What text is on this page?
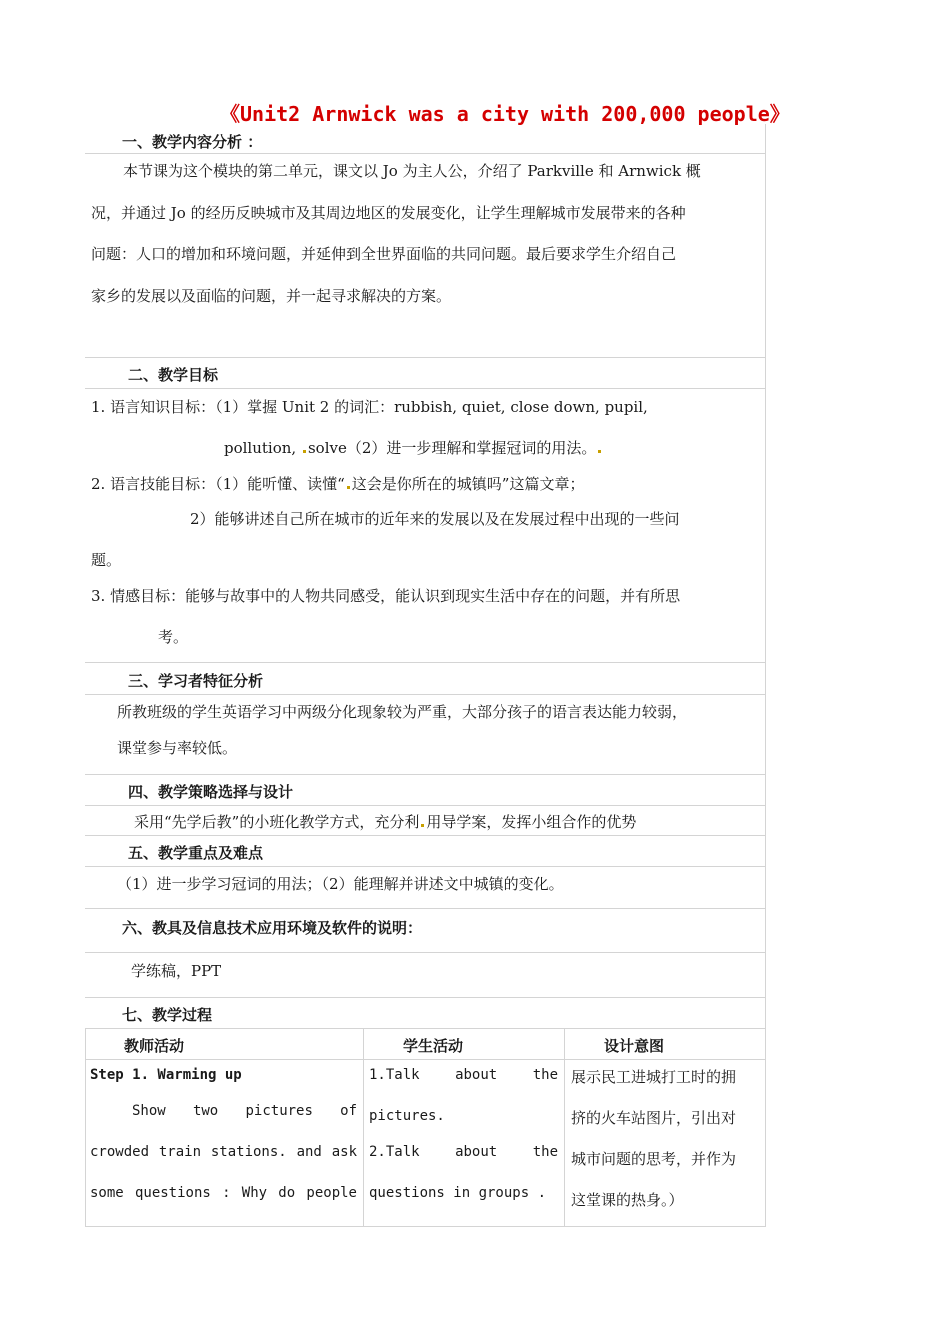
《Unit2 Arnwick was a city with 200,000 people》
一、教学内容分析 ：
本节课为这个模块的第二单元，课文以 Jo 为主人公，介绍了 Parkville 和 Arnwick 概
况，并通过 Jo 的经历反映城市及其周边地区的发展变化，让学生理解城市发展带来的各种
问题：人口的增加和环境问题，并延伸到全世界面临的共同问题。最后要求学生介绍自己
家乡的发展以及面临的问题，并一起寻求解决的方案。
二、教学目标
1. 语言知识目标：（1）掌握 Unit 2 的词汇：rubbish, quiet, close down, pupil,
pollution, solve（2）进一步理解和掌握冠词的用法。
2. 语言技能目标：（1）能听懂、读懂“ 这会是你所在的城镇吗”这篇文章；
2）能够讲述自己所在城市的近年来的发展以及在发展过程中出现的一些问
题。
3. 情感目标：能够与故事中的人物共同感受，能认识到现实生活中存在的问题，并有所思
考。
三、学习者特征分析
所教班级的学生英语学习中两级分化现象较为严重，大部分孩子的语言表达能力较弱，
课堂参与率较低。
四、教学策略选择与设计
采用“先学后教”的小班化教学方式，充分利 用导学案，发挥小组合作的优势
五、教学重点及难点
（1）进一步学习冠词的用法；（2）能理解并讲述文中城镇的变化。
六、教具及信息技术应用环境及软件的说明：
学练稿，PPT
七、教学过程
教师活动	学生活动	设计意图
Step 1. Warming up
Show two pictures of
crowded train stations. and ask
some questions : Why do people
1.Talk about the
pictures.
2.Talk about the
questions in groups .
展示民工进城打工时的拥
挤的火车站图片，引出对
城市问题的思考，并作为
这堂课的热身。）
